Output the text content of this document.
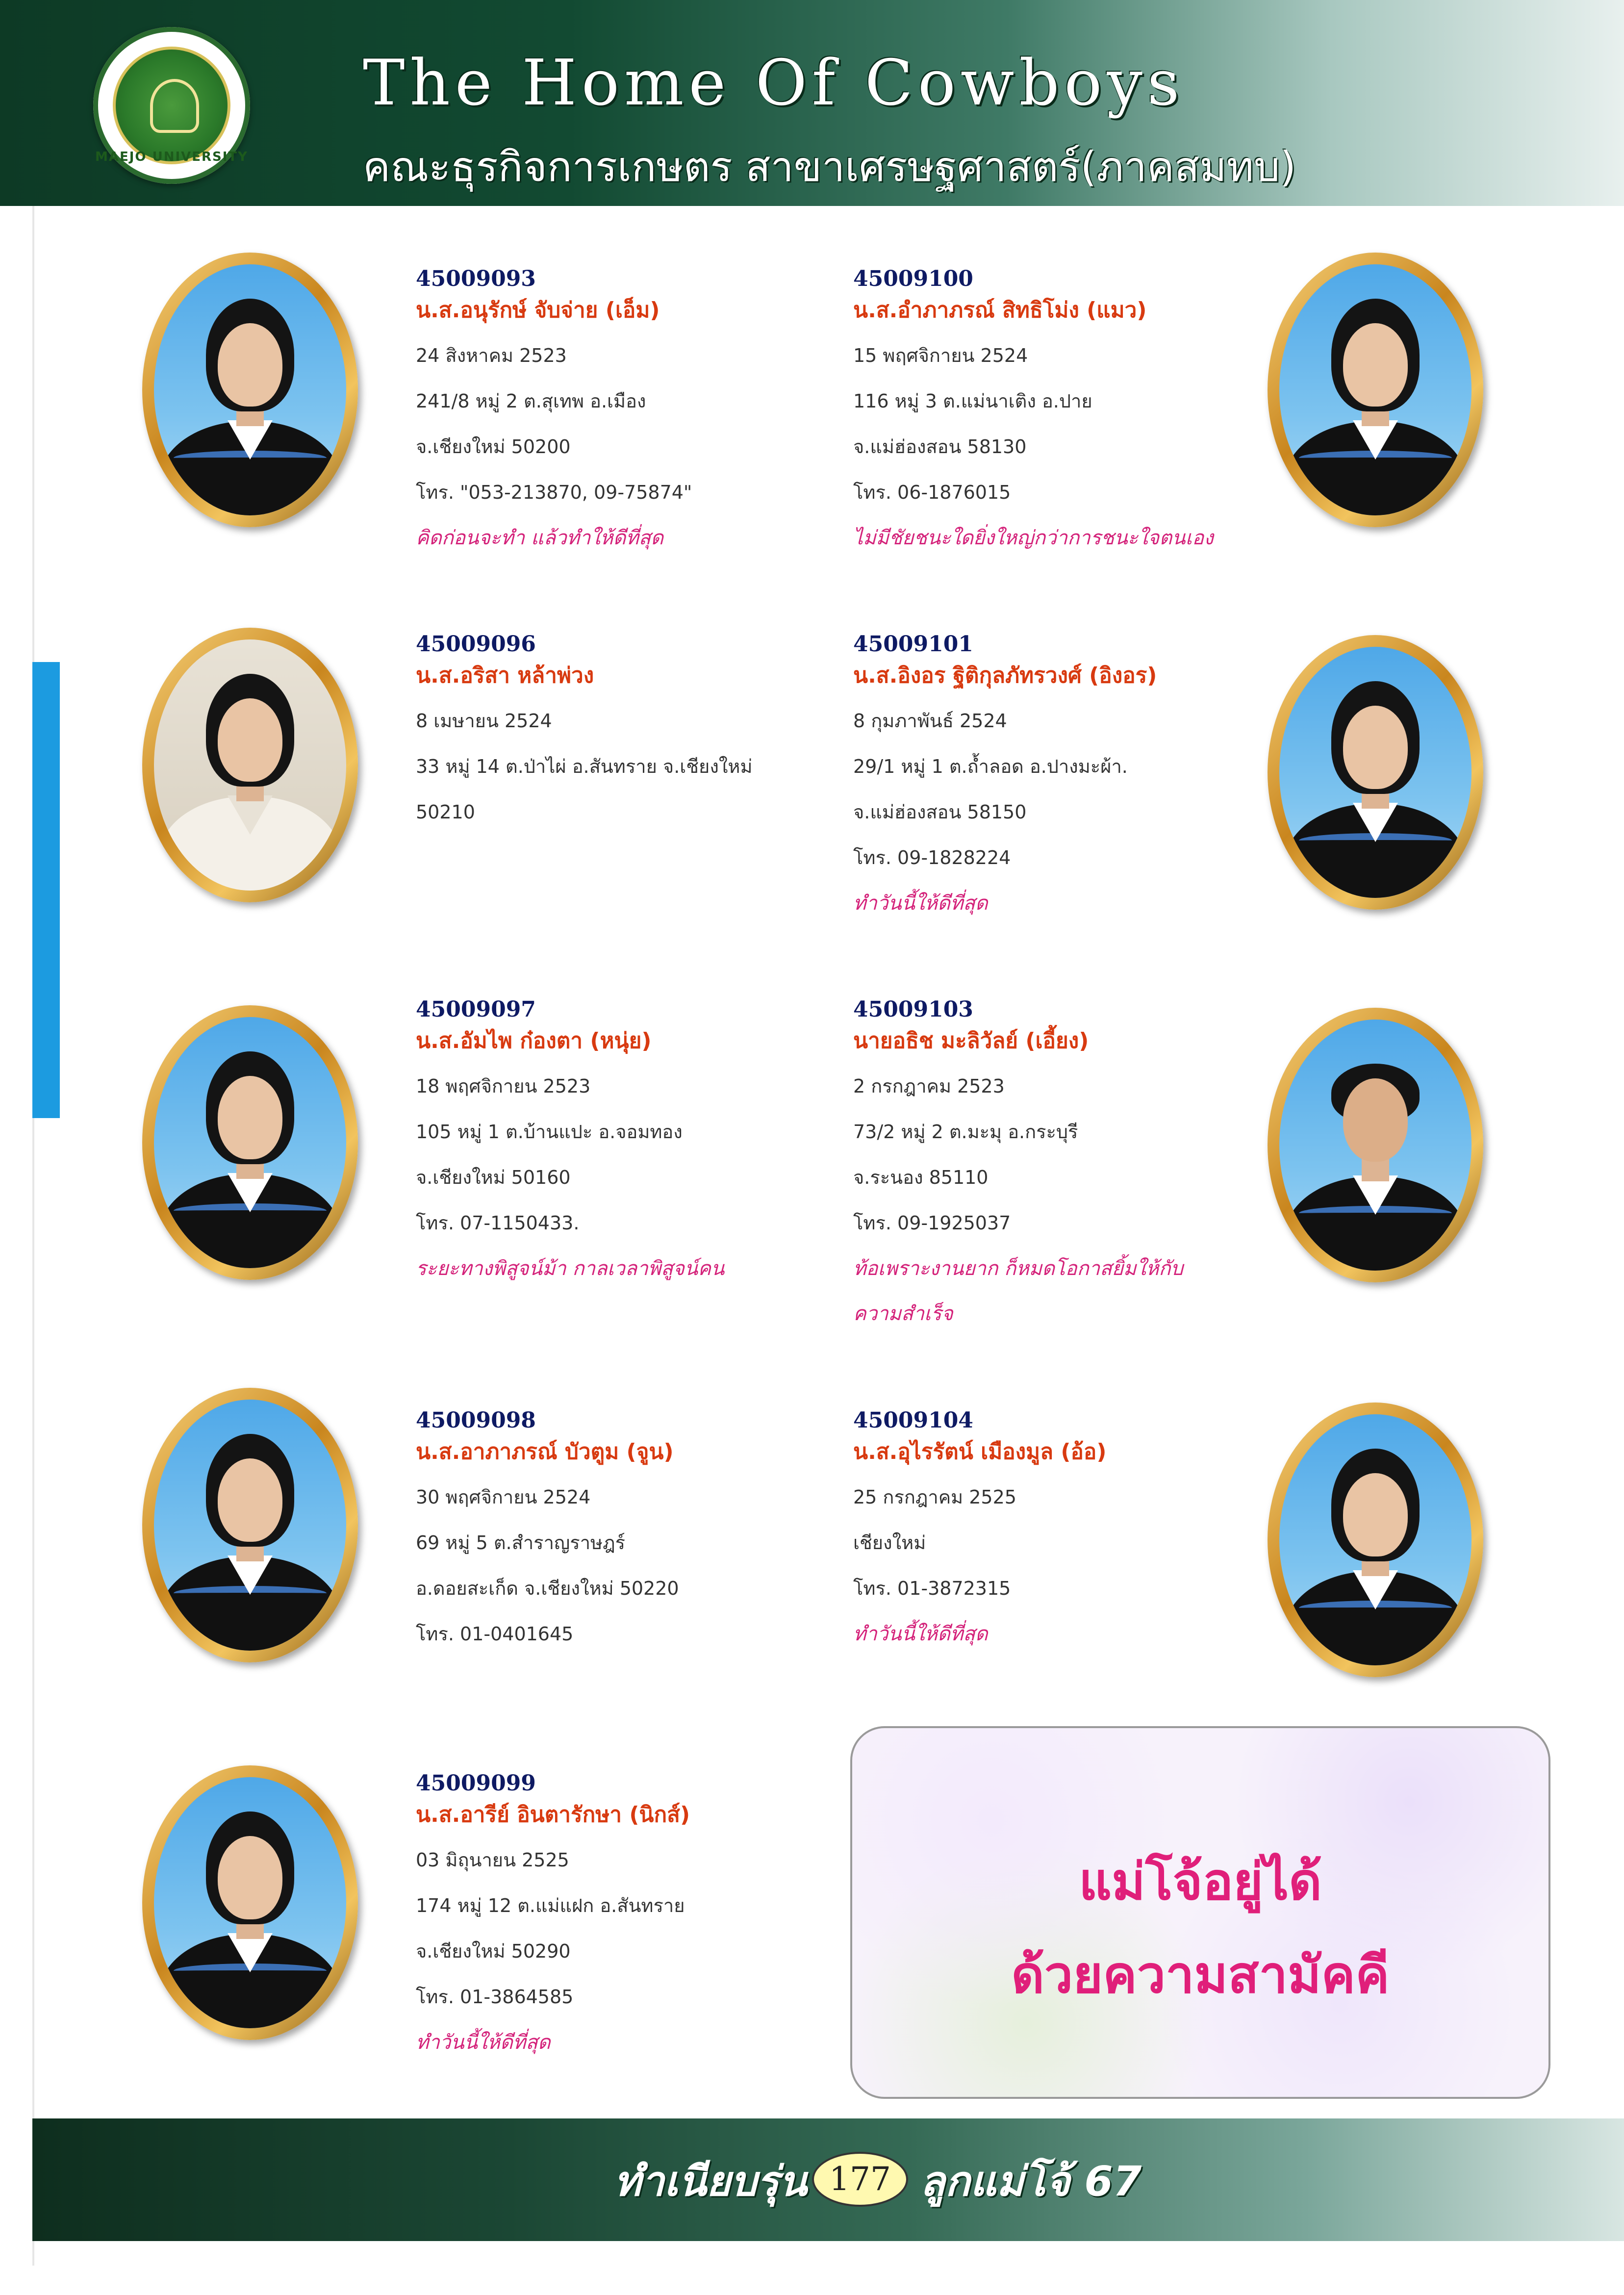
MAEJO UNIVERSITY
The Home Of Cowboys
คณะธุรกิจการเกษตร สาขาเศรษฐศาสตร์(ภาคสมทบ)
45009093
น.ส.อนุรักษ์ จับจ่าย (เอ็ม)
24 สิงหาคม 2523
241/8 หมู่ 2 ต.สุเทพ อ.เมือง
จ.เชียงใหม่ 50200
โทร. "053-213870, 09-75874"
คิดก่อนจะทำ แล้วทำให้ดีที่สุด
45009100
น.ส.อำภาภรณ์ สิทธิโม่ง (แมว)
15 พฤศจิกายน 2524
116 หมู่ 3 ต.แม่นาเติง อ.ปาย
จ.แม่ฮ่องสอน 58130
โทร. 06-1876015
ไม่มีชัยชนะใดยิ่งใหญ่กว่าการชนะใจตนเอง
45009096
น.ส.อริสา หล้าพ่วง
8 เมษายน 2524
33 หมู่ 14 ต.ป่าไผ่ อ.สันทราย จ.เชียงใหม่
50210
45009101
น.ส.อิงอร ฐิติกุลภัทรวงศ์ (อิงอร)
8 กุมภาพันธ์ 2524
29/1 หมู่ 1 ต.ถ้ำลอด อ.ปางมะผ้า.
จ.แม่ฮ่องสอน 58150
โทร. 09-1828224
ทำวันนี้ให้ดีที่สุด
45009097
น.ส.อัมไพ ก๋องตา (หนุ่ย)
18 พฤศจิกายน 2523
105 หมู่ 1 ต.บ้านแปะ อ.จอมทอง
จ.เชียงใหม่ 50160
โทร. 07-1150433.
ระยะทางพิสูจน์ม้า กาลเวลาพิสูจน์คน
45009103
นายอธิช มะลิวัลย์ (เอี้ยง)
2 กรกฎาคม 2523
73/2 หมู่ 2 ต.มะมุ อ.กระบุรี
จ.ระนอง 85110
โทร. 09-1925037
ท้อเพราะงานยาก ก็หมดโอกาสยิ้มให้กับ
ความสำเร็จ
45009098
น.ส.อาภาภรณ์ บัวตูม (จูน)
30 พฤศจิกายน 2524
69 หมู่ 5 ต.สำราญราษฎร์
อ.ดอยสะเก็ด จ.เชียงใหม่ 50220
โทร. 01-0401645
45009104
น.ส.อุไรรัตน์ เมืองมูล (อ้อ)
25 กรกฎาคม 2525
เชียงใหม่
โทร. 01-3872315
ทำวันนี้ให้ดีที่สุด
45009099
น.ส.อารีย์ อินตารักษา (นิกส์)
03 มิถุนายน 2525
174 หมู่ 12 ต.แม่แฝก อ.สันทราย
จ.เชียงใหม่ 50290
โทร. 01-3864585
ทำวันนี้ให้ดีที่สุด
แม่โจ้อยู่ได้
ด้วยความสามัคคี
ทำเนียบรุ่น 177 ลูกแม่โจ้ 67
